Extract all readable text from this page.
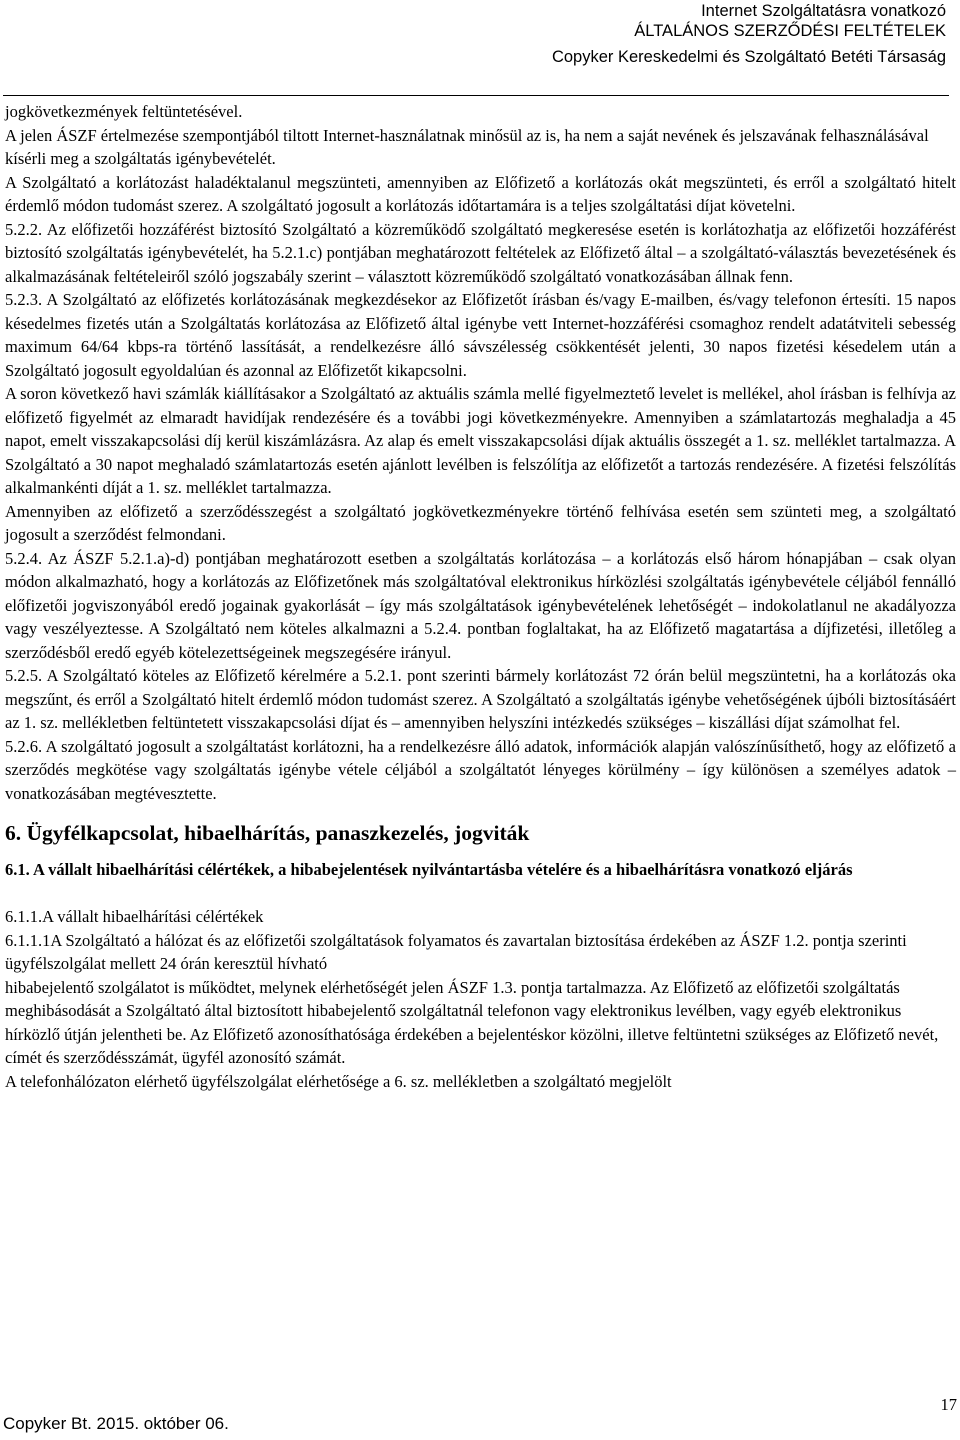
Internet Szolgáltatásra vonatkozó
ÁLTALÁNOS SZERZŐDÉSI FELTÉTELEK
Copyker Kereskedelmi és Szolgáltató Betéti Társaság

jogkövetkezmények feltüntetésével.

A jelen ÁSZF értelmezése szempontjából tiltott Internet-használatnak minősül az is, ha nem a saját nevének és jelszavának felhasználásával kísérli meg a szolgáltatás igénybevételét.

A Szolgáltató a korlátozást haladéktalanul megszünteti, amennyiben az Előfizető a korlátozás okát megszünteti, és erről a szolgáltató hitelt érdemlő módon tudomást szerez. A szolgáltató jogosult a korlátozás időtartamára is a teljes szolgáltatási díjat követelni.

5.2.2. Az előfizetői hozzáférést biztosító Szolgáltató a közreműködő szolgáltató megkeresése esetén is korlátozhatja az előfizetői hozzáférést biztosító szolgáltatás igénybevételét, ha 5.2.1.c) pontjában meghatározott feltételek az Előfizető által – a szolgáltató-választás bevezetésének és alkalmazásának feltételeiről szóló jogszabály szerint – választott közreműködő szolgáltató vonatkozásában állnak fenn.

5.2.3. A Szolgáltató az előfizetés korlátozásának megkezdésekor az Előfizetőt írásban és/vagy E-mailben, és/vagy telefonon értesíti. 15 napos késedelmes fizetés után a Szolgáltatás korlátozása az Előfizető által igénybe vett Internet-hozzáférési csomaghoz rendelt adatátviteli sebesség maximum 64/64 kbps-ra történő lassítását, a rendelkezésre álló sávszélesség csökkentését jelenti, 30 napos fizetési késedelem után a Szolgáltató jogosult egyoldalúan és azonnal az Előfizetőt kikapcsolni.

A soron következő havi számlák kiállításakor a Szolgáltató az aktuális számla mellé figyelmeztető levelet is mellékel, ahol írásban is felhívja az előfizető figyelmét az elmaradt havidíjak rendezésére és a további jogi következményekre. Amennyiben a számlatartozás meghaladja a 45 napot, emelt visszakapcsolási díj kerül kiszámlázásra. Az alap és emelt visszakapcsolási díjak aktuális összegét a 1. sz. melléklet tartalmazza. A Szolgáltató a 30 napot meghaladó számlatartozás esetén ajánlott levélben is felszólítja az előfizetőt a tartozás rendezésére. A fizetési felszólítás alkalmankénti díját a 1. sz. melléklet tartalmazza.

Amennyiben az előfizető a szerződésszegést a szolgáltató jogkövetkezményekre történő felhívása esetén sem szünteti meg, a szolgáltató jogosult a szerződést felmondani.

5.2.4. Az ÁSZF 5.2.1.a)-d) pontjában meghatározott esetben a szolgáltatás korlátozása – a korlátozás első három hónapjában – csak olyan módon alkalmazható, hogy a korlátozás az Előfizetőnek más szolgáltatóval elektronikus hírközlési szolgáltatás igénybevétele céljából fennálló előfizetői jogviszonyából eredő jogainak gyakorlását – így más szolgáltatások igénybevételének lehetőségét – indokolatlanul ne akadályozza vagy veszélyeztesse. A Szolgáltató nem köteles alkalmazni a 5.2.4. pontban foglaltakat, ha az Előfizető magatartása a díjfizetési, illetőleg a szerződésből eredő egyéb kötelezettségeinek megszegésére irányul.

5.2.5. A Szolgáltató köteles az Előfizető kérelmére a 5.2.1. pont szerinti bármely korlátozást 72 órán belül megszüntetni, ha a korlátozás oka megszűnt, és erről a Szolgáltató hitelt érdemlő módon tudomást szerez. A Szolgáltató a szolgáltatás igénybe vehetőségének újbóli biztosításáért az 1. sz. mellékletben feltüntetett visszakapcsolási díjat és – amennyiben helyszíni intézkedés szükséges – kiszállási díjat számolhat fel.

5.2.6. A szolgáltató jogosult a szolgáltatást korlátozni, ha a rendelkezésre álló adatok, információk alapján valószínűsíthető, hogy az előfizető a szerződés megkötése vagy szolgáltatás igénybe vétele céljából a szolgáltatót lényeges körülmény – így különösen a személyes adatok – vonatkozásában megtévesztette.

6. Ügyfélkapcsolat, hibaelhárítás, panaszkezelés, jogviták

6.1. A vállalt hibaelhárítási célértékek, a hibabejelentések nyilvántartásba vételére és a hibaelhárításra vonatkozó eljárás

6.1.1.A vállalt hibaelhárítási célértékek

6.1.1.1A Szolgáltató a hálózat és az előfizetői szolgáltatások folyamatos és zavartalan biztosítása érdekében az ÁSZF 1.2. pontja szerinti ügyfélszolgálat mellett 24 órán keresztül hívható

hibabejelentő szolgálatot is működtet, melynek elérhetőségét jelen ÁSZF 1.3. pontja tartalmazza. Az Előfizető az előfizetői szolgáltatás meghibásodását a Szolgáltató által biztosított hibabejelentő szolgáltatnál telefonon vagy elektronikus levélben, vagy egyéb elektronikus hírközlő útján jelentheti be. Az Előfizető azonosíthatósága érdekében a bejelentéskor közölni, illetve feltüntetni szükséges az Előfizető nevét, címét és szerződésszámát, ügyfél azonosító számát.

A telefonhálózaton elérhető ügyfélszolgálat elérhetősége a 6. sz. mellékletben a szolgáltató megjelölt

17
Copyker Bt. 2015. október 06.
